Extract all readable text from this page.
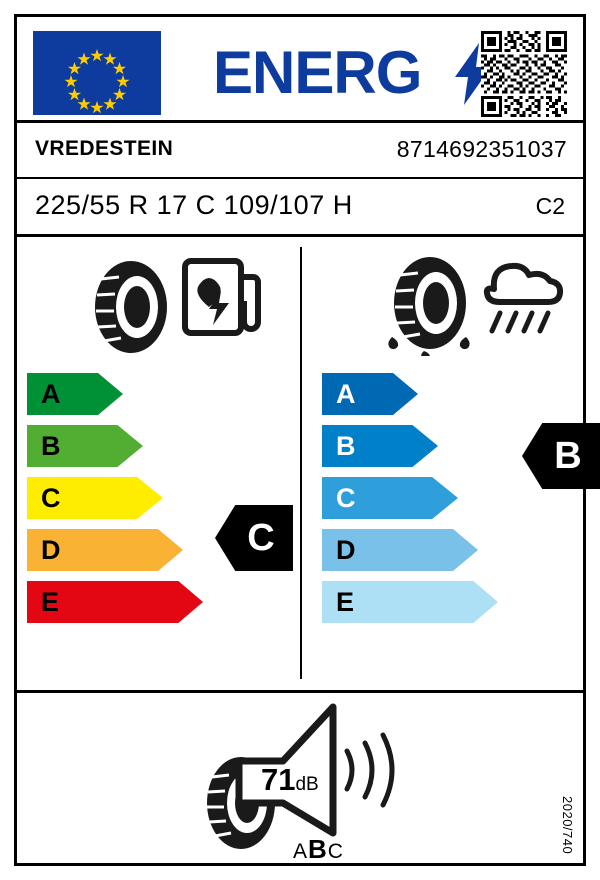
ENERG
VREDESTEIN	8714692351037
225/55 R 17 C 109/107 H	C2
A
B
C
D
E
C
A
B
C
D
E
B
71dB
ABC	2020/740
